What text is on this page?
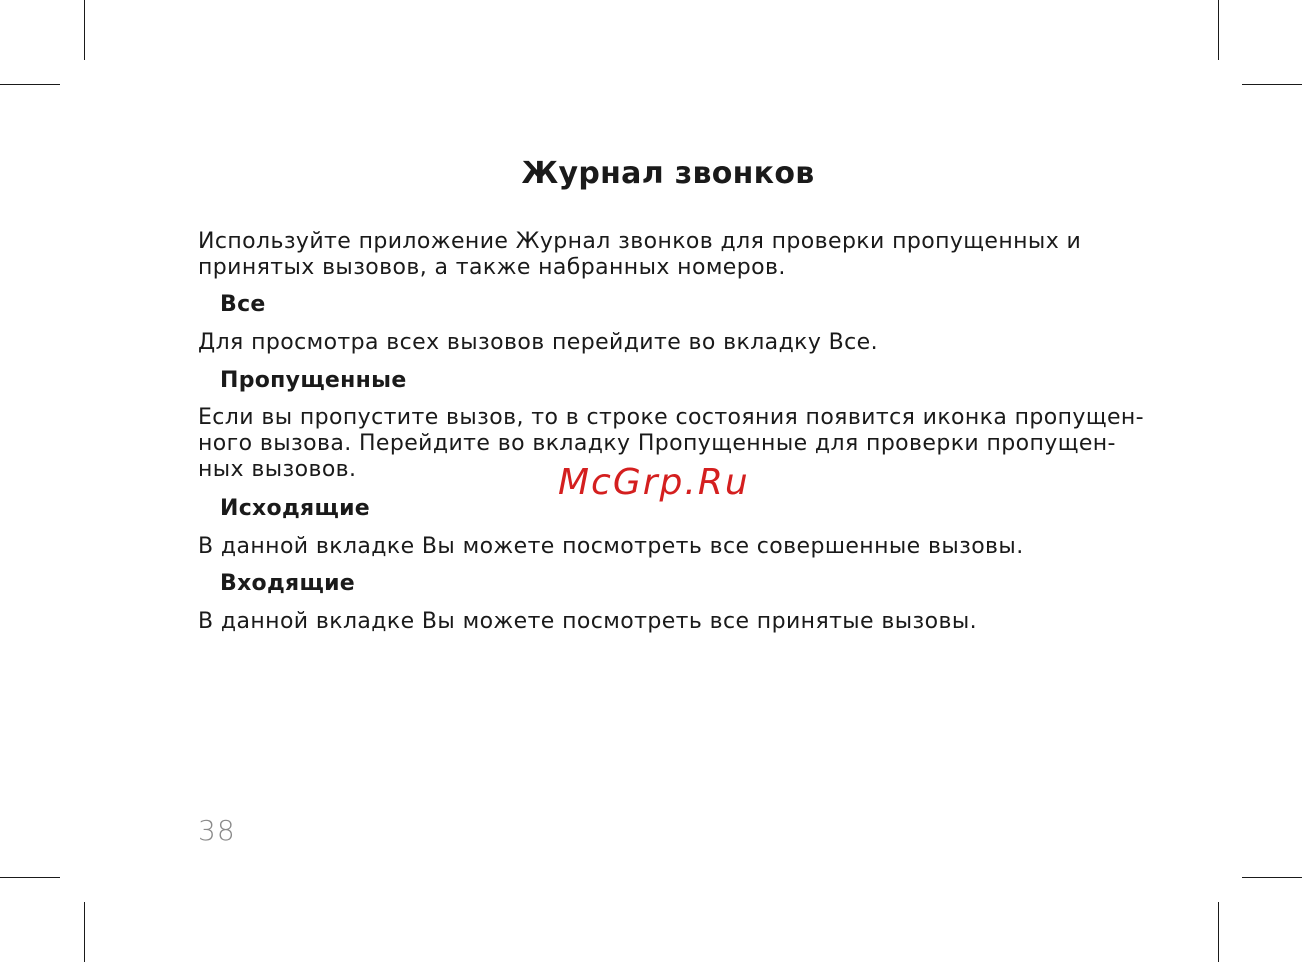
Журнал звонков

Используйте приложение Журнал звонков для проверки пропущенных и

принятых вызовов, а также набранных номеров.

Все

Для просмотра всех вызовов перейдите во вкладку Все.

Пропущенные

Если вы пропустите вызов, то в строке состояния появится иконка пропущен-

ного вызова. Перейдите во вкладку Пропущенные для проверки пропущен-

ных вызовов.

Исходящие

В данной вкладке Вы можете посмотреть все совершенные вызовы.

Входящие

В данной вкладке Вы можете посмотреть все принятые вызовы.

McGrp.Ru
38
